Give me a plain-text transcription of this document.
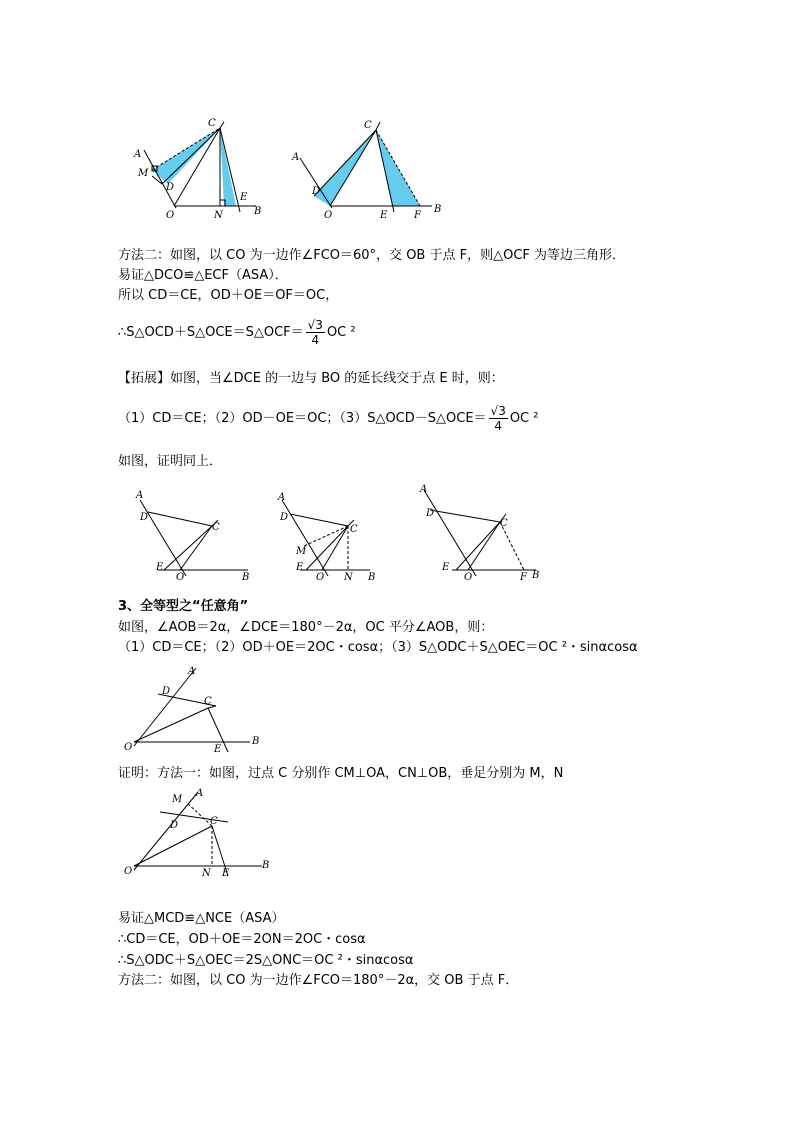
A
M
D
C
O	N
E
B
A
C
D
O	E	F
B
方法二：如图，以 CO 为一边作∠FCO＝60°，交 OB 于点 F，则△OCF 为等边三角形．
易证△DCO≌△ECF（ASA）．
所以 CD＝CE，OD＋OE＝OF＝OC，
∴S△OCD＋S△OCE＝S△OCF＝ $\frac{√3}{4}$ OC ²
【拓展】如图，当∠DCE 的一边与 BO 的延长线交于点 E 时，则：
（1）CD＝CE；（2）OD－OE＝OC；（3）S△OCD－S△OCE＝ $\frac{√3}{4}$ OC ²
如图，证明同上．
A
D
C
E
O	B
A
D
C
M
E
O N B
A
D
C
E
O	F B
3、全等型之“任意角”
如图，∠AOB＝2α，∠DCE＝180°－2α，OC 平分∠AOB，则：
（1）CD＝CE；（2）OD＋OE＝2OC・cosα；（3）S△ODC＋S△OEC＝OC ²・sinαcosα
A
D
C
O	E
B
证明：方法一：如图，过点 C 分别作 CM⊥OA，CN⊥OB，垂足分别为 M，N
M
A
D	C
O	N E
B
易证△MCD≌△NCE（ASA）
∴CD＝CE，OD＋OE＝2ON＝2OC・cosα
∴S△ODC＋S△OEC＝2S△ONC＝OC ²・sinαcosα
方法二：如图，以 CO 为一边作∠FCO＝180°－2α，交 OB 于点 F．
